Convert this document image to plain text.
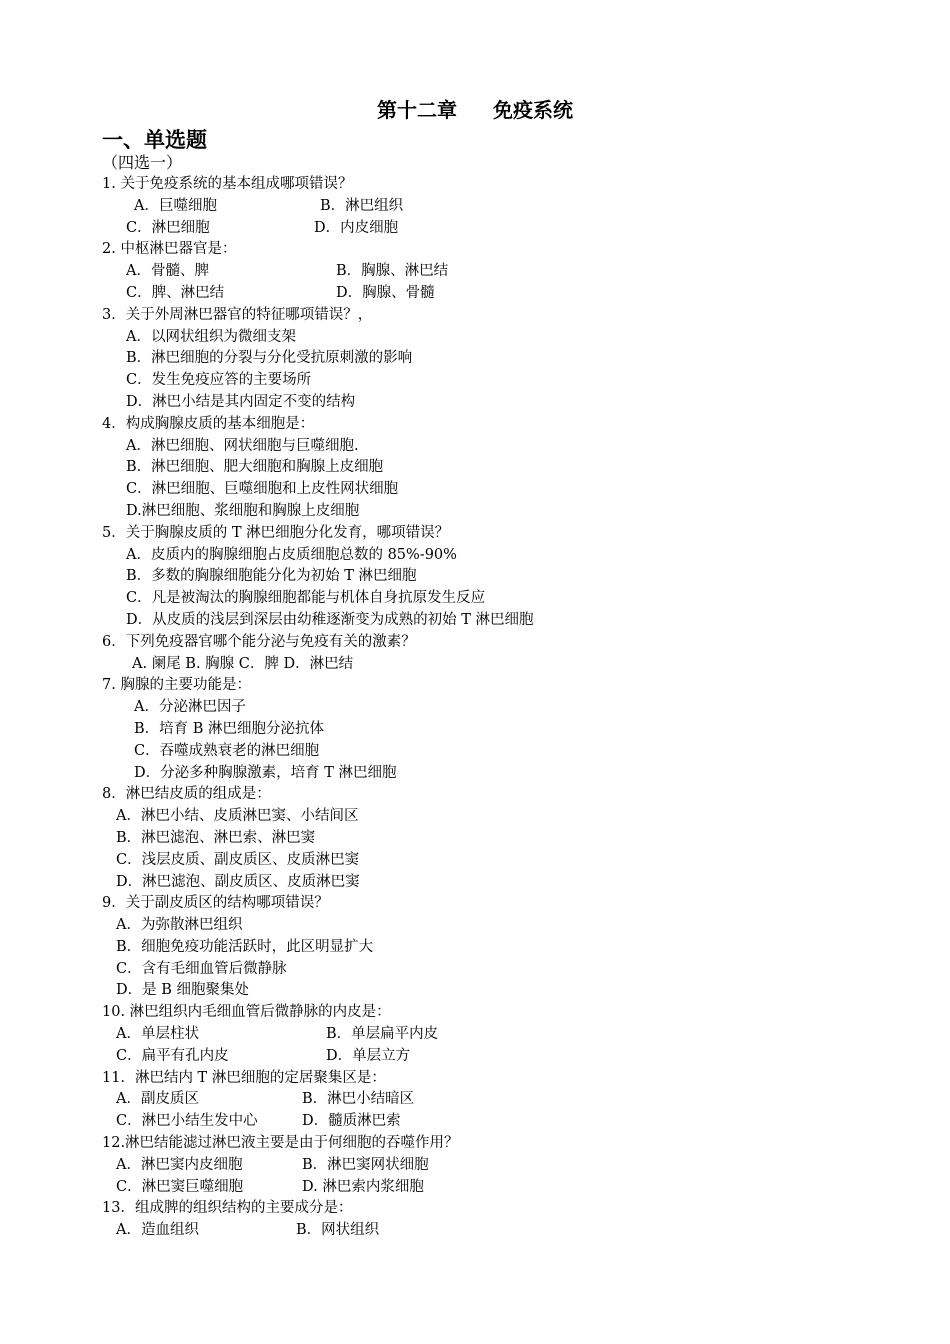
第十二章 免疫系统
一、单选题
（四选一）
1. 关于免疫系统的基本组成哪项错误？
A．巨噬细胞	B．淋巴组织
C．淋巴细胞	D．内皮细胞
2. 中枢淋巴器官是：
A．骨髓、脾	B．胸腺、淋巴结
C．脾、淋巴结	D．胸腺、骨髓
3．关于外周淋巴器官的特征哪项错误？，
A．以网状组织为微细支架
B．淋巴细胞的分裂与分化受抗原刺激的影响
C．发生免疫应答的主要场所
D．淋巴小结是其内固定不变的结构
4．构成胸腺皮质的基本细胞是：
A．淋巴细胞、网状细胞与巨噬细胞.
B．淋巴细胞、肥大细胞和胸腺上皮细胞
C．淋巴细胞、巨噬细胞和上皮性网状细胞
D.淋巴细胞、浆细胞和胸腺上皮细胞
5．关于胸腺皮质的 T 淋巴细胞分化发育，哪项错误？
A．皮质内的胸腺细胞占皮质细胞总数的 85%-90%
B．多数的胸腺细胞能分化为初始 T 淋巴细胞
C．凡是被淘汰的胸腺细胞都能与机体自身抗原发生反应
D．从皮质的浅层到深层由幼稚逐渐变为成熟的初始 T 淋巴细胞
6．下列免疫器官哪个能分泌与免疫有关的激素？
A. 阑尾 B. 胸腺 C．脾 D．淋巴结
7. 胸腺的主要功能是：
A．分泌淋巴因子
B．培育 B 淋巴细胞分泌抗体
C．吞噬成熟衰老的淋巴细胞
D．分泌多种胸腺激素，培育 T 淋巴细胞
8．淋巴结皮质的组成是：
A．淋巴小结、皮质淋巴窦、小结间区
B．淋巴滤泡、淋巴索、淋巴窦
C．浅层皮质、副皮质区、皮质淋巴窦
D．淋巴滤泡、副皮质区、皮质淋巴窦
9．关于副皮质区的结构哪项错误？
A．为弥散淋巴组织
B．细胞免疫功能活跃时，此区明显扩大
C．含有毛细血管后微静脉
D．是 B 细胞聚集处
10. 淋巴组织内毛细血管后微静脉的内皮是：
A．单层柱状	B．单层扁平内皮
C．扁平有孔内皮	D．单层立方
11．淋巴结内 T 淋巴细胞的定居聚集区是：
A．副皮质区	B．淋巴小结暗区
C．淋巴小结生发中心	D．髓质淋巴索
12.淋巴结能滤过淋巴液主要是由于何细胞的吞噬作用？
A．淋巴窦内皮细胞	B．淋巴窦网状细胞
C．淋巴窦巨噬细胞	D. 淋巴索内浆细胞
13．组成脾的组织结构的主要成分是：
A．造血组织	B．网状组织
